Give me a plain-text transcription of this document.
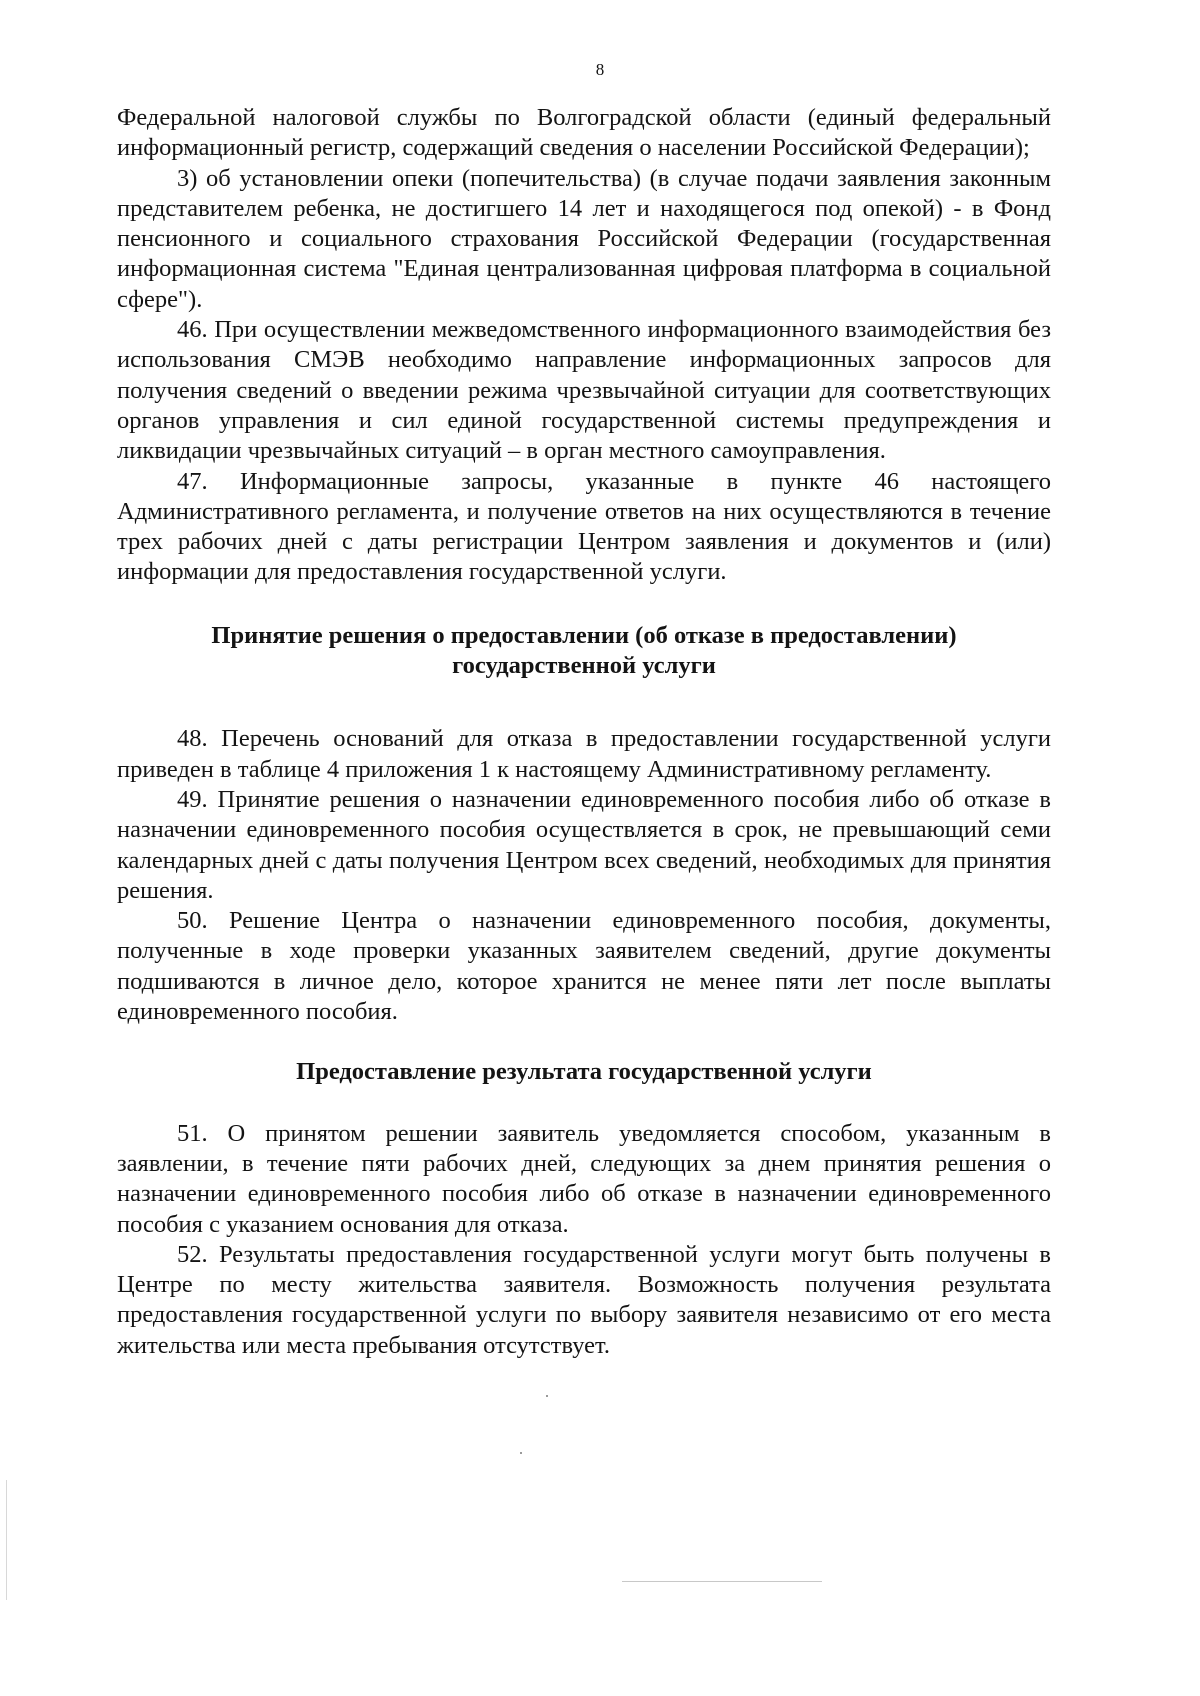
8

Федеральной налоговой службы по Волгоградской области (единый федеральный информационный регистр, содержащий сведения о населении Российской Федерации);

3) об установлении опеки (попечительства) (в случае подачи заявления законным представителем ребенка, не достигшего 14 лет и находящегося под опекой) - в Фонд пенсионного и социального страхования Российской Федерации (государственная информационная система "Единая централизованная цифровая платформа в социальной сфере").

46. При осуществлении межведомственного информационного взаимодействия без использования СМЭВ необходимо направление информационных запросов для получения сведений о введении режима чрезвычайной ситуации для соответствующих органов управления и сил единой государственной системы предупреждения и ликвидации чрезвычайных ситуаций – в орган местного самоуправления.

47. Информационные запросы, указанные в пункте 46 настоящего Административного регламента, и получение ответов на них осуществляются в течение трех рабочих дней с даты регистрации Центром заявления и документов и (или) информации для предоставления государственной услуги.

Принятие решения о предоставлении (об отказе в предоставлении)
государственной услуги

48. Перечень оснований для отказа в предоставлении государственной услуги приведен в таблице 4 приложения 1 к настоящему Административному регламенту.

49. Принятие решения о назначении единовременного пособия либо об отказе в назначении единовременного пособия осуществляется в срок, не превышающий семи календарных дней с даты получения Центром всех сведений, необходимых для принятия решения.

50. Решение Центра о назначении единовременного пособия, документы, полученные в ходе проверки указанных заявителем сведений, другие документы подшиваются в личное дело, которое хранится не менее пяти лет после выплаты единовременного пособия.

Предоставление результата государственной услуги

51. О принятом решении заявитель уведомляется способом, указанным в заявлении, в течение пяти рабочих дней, следующих за днем принятия решения о назначении единовременного пособия либо об отказе в назначении единовременного пособия с указанием основания для отказа.

52. Результаты предоставления государственной услуги могут быть получены в Центре по месту жительства заявителя. Возможность получения результата предоставления государственной услуги по выбору заявителя независимо от его места жительства или места пребывания отсутствует.
